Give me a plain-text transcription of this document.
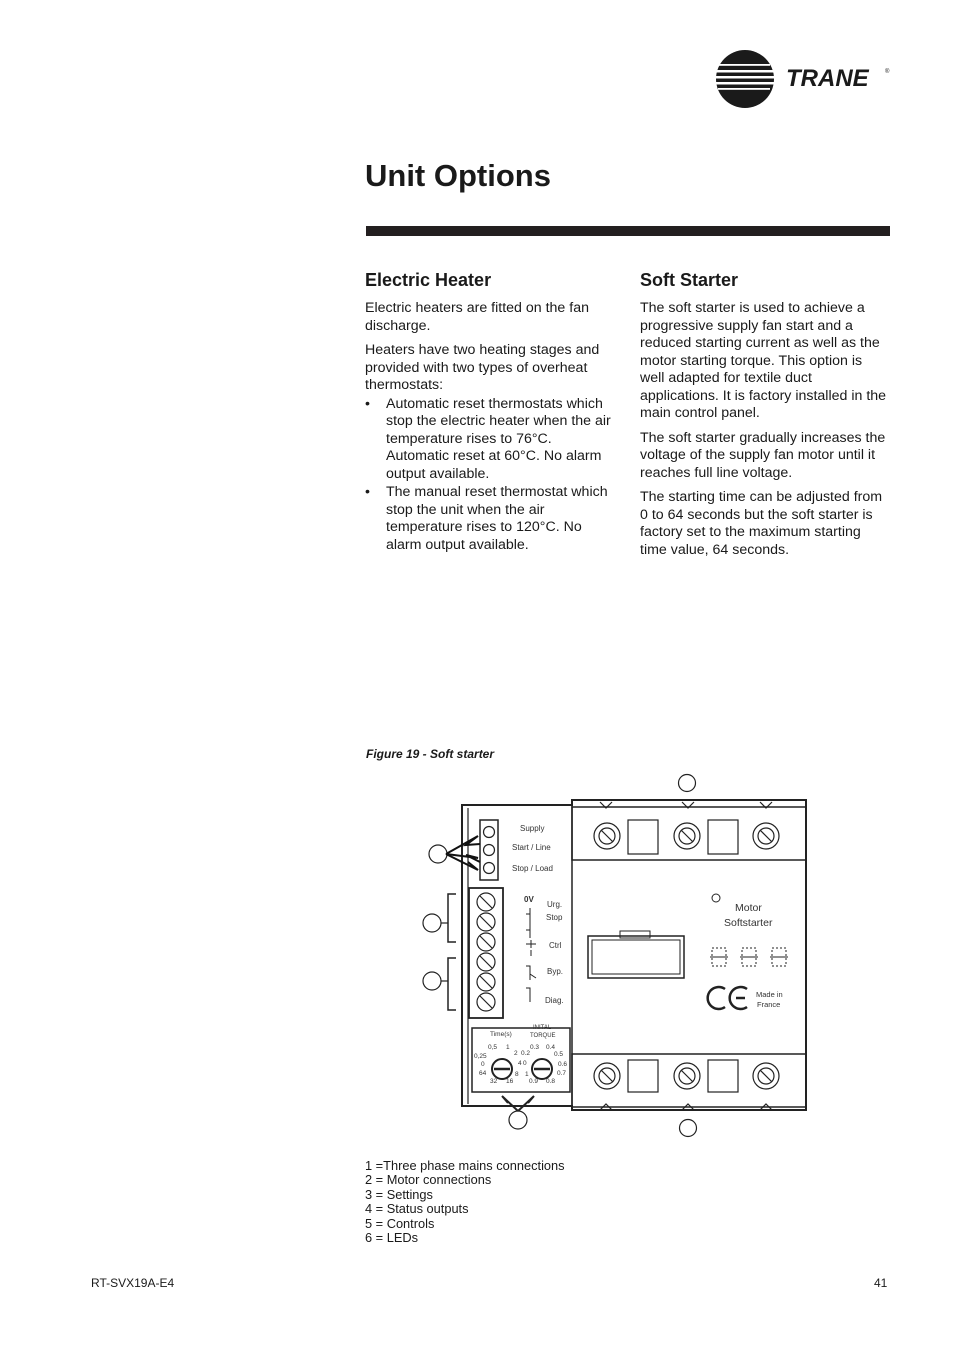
TRANE	®
Unit Options
Electric Heater

Electric heaters are fitted on the fan discharge.

Heaters have two heating stages and provided with two types of overheat thermostats:

• Automatic reset thermostats which stop the electric heater when the air temperature rises to 76°C. Automatic reset at 60°C. No alarm output available.
• The manual reset thermostat which stop the unit when the air temperature rises to 120°C. No alarm output available.
Soft Starter

The soft starter is used to achieve a progressive supply fan start and a reduced starting current as well as the motor starting torque. This option is well adapted for textile duct applications. It is factory installed in the main control panel.

The soft starter gradually increases the voltage of the supply fan motor until it reaches full line voltage.

The starting time can be adjusted from 0 to 64 seconds but the soft starter is factory set to the maximum starting time value, 64 seconds.

Figure 19 - Soft starter
Supply
Start / Line
Stop / Load
0V
Urg.
Stop
Ctrl
Byp.
Diag.
Motor
Softstarter
Made in
France
Time(s)
INITAL
TORQUE
0,5 1
2
0,25
4
0
8
64
32 16
0.3 0.4
0.2	0.5
0	0.6
1	0.7
0.9 0.8
CE
1 =Three phase mains connections
2 = Motor connections
3 = Settings
4 = Status outputs
5 = Controls
6 = LEDs
RT-SVX19A-E4	41
